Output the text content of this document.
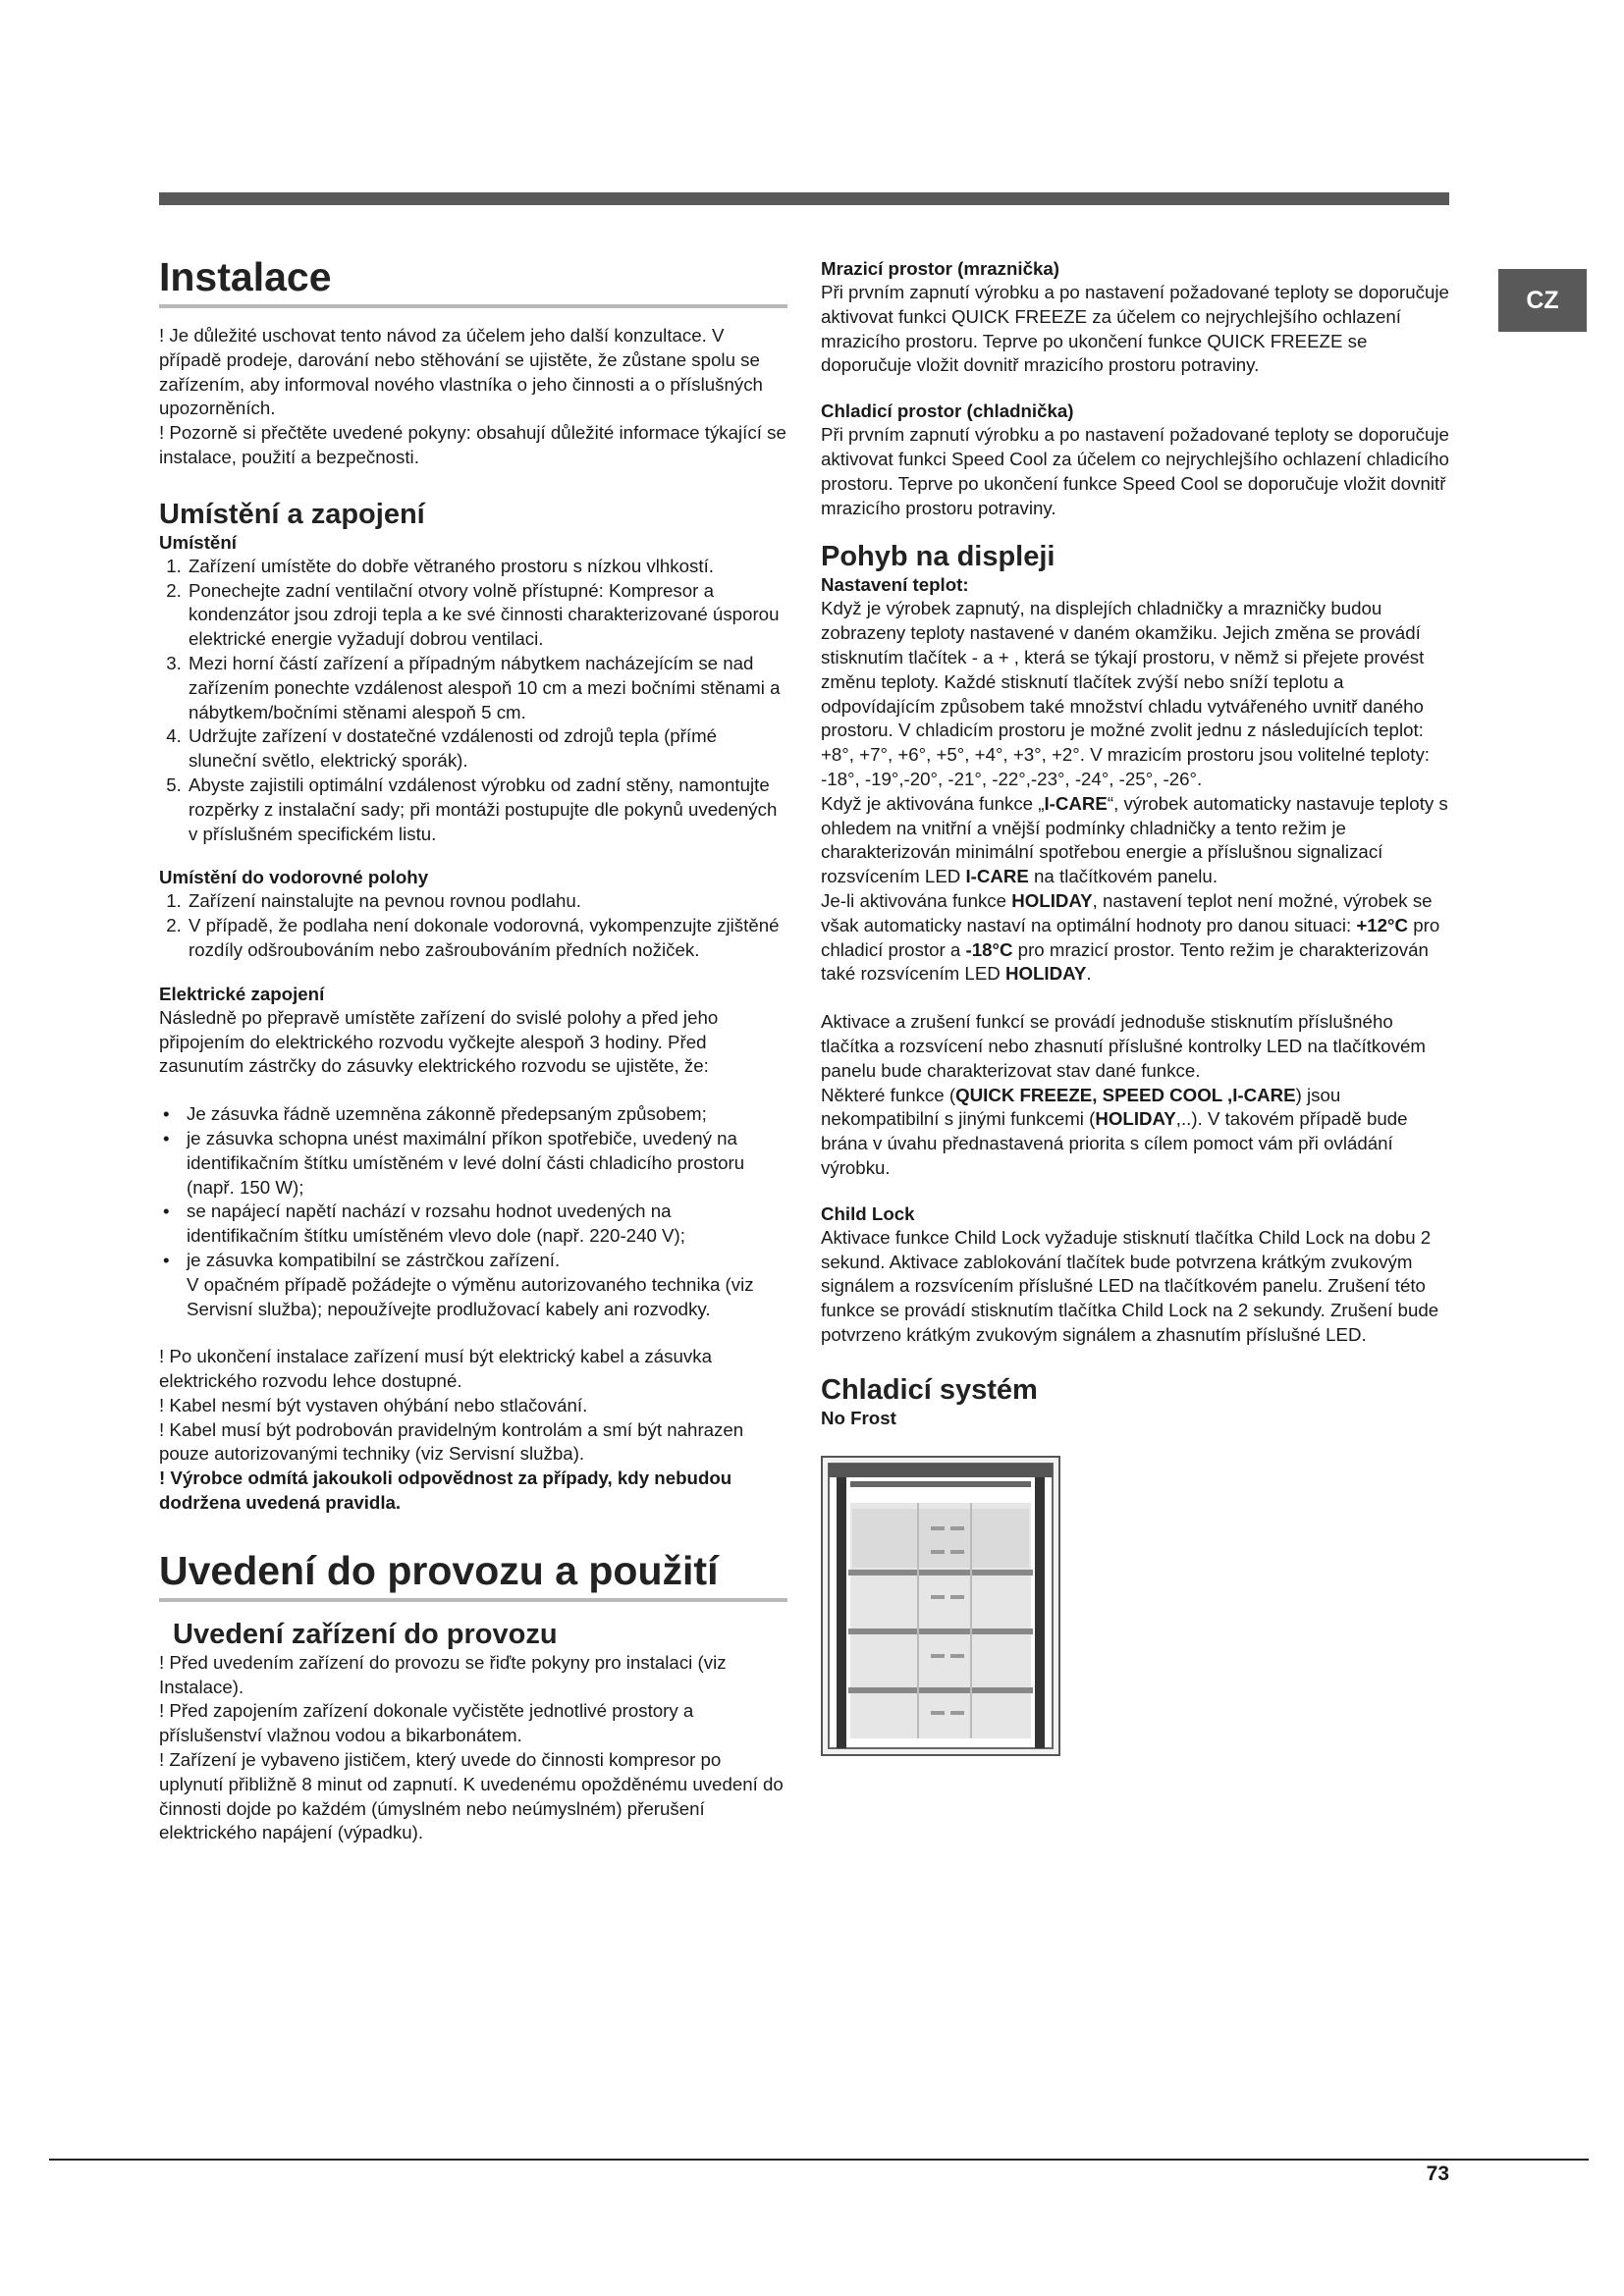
CZ
Instalace

! Je důležité uschovat tento návod za účelem jeho další konzultace. V případě prodeje, darování nebo stěhování se ujistěte, že zůstane spolu se zařízením, aby informoval nového vlastníka o jeho činnosti a o příslušných upozorněních.

! Pozorně si přečtěte uvedené pokyny: obsahují důležité informace týkající se instalace, použití a bezpečnosti.

Umístění a zapojení
Umístění
1. Zařízení umístěte do dobře větraného prostoru s nízkou vlhkostí.
2. Ponechejte zadní ventilační otvory volně přístupné: Kompresor a kondenzátor jsou zdroji tepla a ke své činnosti charakterizované úsporou elektrické energie vyžadují dobrou ventilaci.
3. Mezi horní částí zařízení a případným nábytkem nacházejícím se nad zařízením ponechte vzdálenost alespoň 10 cm a mezi bočními stěnami a nábytkem/bočními stěnami alespoň 5 cm.
4. Udržujte zařízení v dostatečné vzdálenosti od zdrojů tepla (přímé sluneční světlo, elektrický sporák).
5. Abyste zajistili optimální vzdálenost výrobku od zadní stěny, namontujte rozpěrky z instalační sady; při montáži postupujte dle pokynů uvedených v příslušném specifickém listu.
Umístění do vodorovné polohy
1. Zařízení nainstalujte na pevnou rovnou podlahu.
2. V případě, že podlaha není dokonale vodorovná, vykompenzujte zjištěné rozdíly odšroubováním nebo zašroubováním předních nožiček.
Elektrické zapojení

Následně po přepravě umístěte zařízení do svislé polohy a před jeho připojením do elektrického rozvodu vyčkejte alespoň 3 hodiny. Před zasunutím zástrčky do zásuvky elektrického rozvodu se ujistěte, že:

• Je zásuvka řádně uzemněna zákonně předepsaným způsobem;
• je zásuvka schopna unést maximální příkon spotřebiče, uvedený na identifikačním štítku umístěném v levé dolní části chladicího prostoru (např. 150 W);
• se napájecí napětí nachází v rozsahu hodnot uvedených na identifikačním štítku umístěném vlevo dole (např. 220-240 V);
• je zásuvka kompatibilní se zástrčkou zařízení.

V opačném případě požádejte o výměnu autorizovaného technika (viz Servisní služba); nepoužívejte prodlužovací kabely ani rozvodky.

! Po ukončení instalace zařízení musí být elektrický kabel a zásuvka elektrického rozvodu lehce dostupné.

! Kabel nesmí být vystaven ohýbání nebo stlačování.

! Kabel musí být podrobován pravidelným kontrolám a smí být nahrazen pouze autorizovanými techniky (viz Servisní služba).

! Výrobce odmítá jakoukoli odpovědnost za případy, kdy nebudou dodržena uvedená pravidla.

Uvedení do provozu a použití
Uvedení zařízení do provozu

! Před uvedením zařízení do provozu se řiďte pokyny pro instalaci (viz Instalace).

! Před zapojením zařízení dokonale vyčistěte jednotlivé prostory a příslušenství vlažnou vodou a bikarbonátem.

! Zařízení je vybaveno jističem, který uvede do činnosti kompresor po uplynutí přibližně 8 minut od zapnutí. K uvedenému opožděnému uvedení do činnosti dojde po každém (úmyslném nebo neúmyslném) přerušení elektrického napájení (výpadku).

Mrazicí prostor (mraznička)

Při prvním zapnutí výrobku a po nastavení požadované teploty se doporučuje aktivovat funkci QUICK FREEZE za účelem co nejrychlejšího ochlazení mrazicího prostoru. Teprve po ukončení funkce QUICK FREEZE se doporučuje vložit dovnitř mrazicího prostoru potraviny.

Chladicí prostor (chladnička)

Při prvním zapnutí výrobku a po nastavení požadované teploty se doporučuje aktivovat funkci Speed Cool za účelem co nejrychlejšího ochlazení chladicího prostoru. Teprve po ukončení funkce Speed Cool se doporučuje vložit dovnitř mrazicího prostoru potraviny.

Pohyb na displeji
Nastavení teplot:

Když je výrobek zapnutý, na displejích chladničky a mrazničky budou zobrazeny teploty nastavené v daném okamžiku. Jejich změna se provádí stisknutím tlačítek - a + , která se týkají prostoru, v němž si přejete provést změnu teploty. Každé stisknutí tlačítek zvýší nebo sníží teplotu a odpovídajícím způsobem také množství chladu vytvářeného uvnitř daného prostoru. V chladicím prostoru je možné zvolit jednu z následujících teplot: +8°, +7°, +6°, +5°, +4°, +3°, +2°. V mrazicím prostoru jsou volitelné teploty: -18°, -19°,-20°, -21°, -22°,-23°, -24°, -25°, -26°.

Když je aktivována funkce „I-CARE“, výrobek automaticky nastavuje teploty s ohledem na vnitřní a vnější podmínky chladničky a tento režim je charakterizován minimální spotřebou energie a příslušnou signalizací rozsvícením LED I-CARE na tlačítkovém panelu.

Je-li aktivována funkce HOLIDAY, nastavení teplot není možné, výrobek se však automaticky nastaví na optimální hodnoty pro danou situaci: +12°C pro chladicí prostor a -18°C pro mrazicí prostor. Tento režim je charakterizován také rozsvícením LED HOLIDAY.

Aktivace a zrušení funkcí se provádí jednoduše stisknutím příslušného tlačítka a rozsvícení nebo zhasnutí příslušné kontrolky LED na tlačítkovém panelu bude charakterizovat stav dané funkce.

Některé funkce (QUICK FREEZE, SPEED COOL ,I-CARE) jsou nekompatibilní s jinými funkcemi (HOLIDAY,..). V takovém případě bude brána v úvahu přednastavená priorita s cílem pomoct vám při ovládání výrobku.

Child Lock

Aktivace funkce Child Lock vyžaduje stisknutí tlačítka Child Lock na dobu 2 sekund. Aktivace zablokování tlačítek bude potvrzena krátkým zvukovým signálem a rozsvícením příslušné LED na tlačítkovém panelu. Zrušení této funkce se provádí stisknutím tlačítka Child Lock na 2 sekundy. Zrušení bude potvrzeno krátkým zvukovým signálem a zhasnutím příslušné LED.

Chladicí systém
No Frost
73
